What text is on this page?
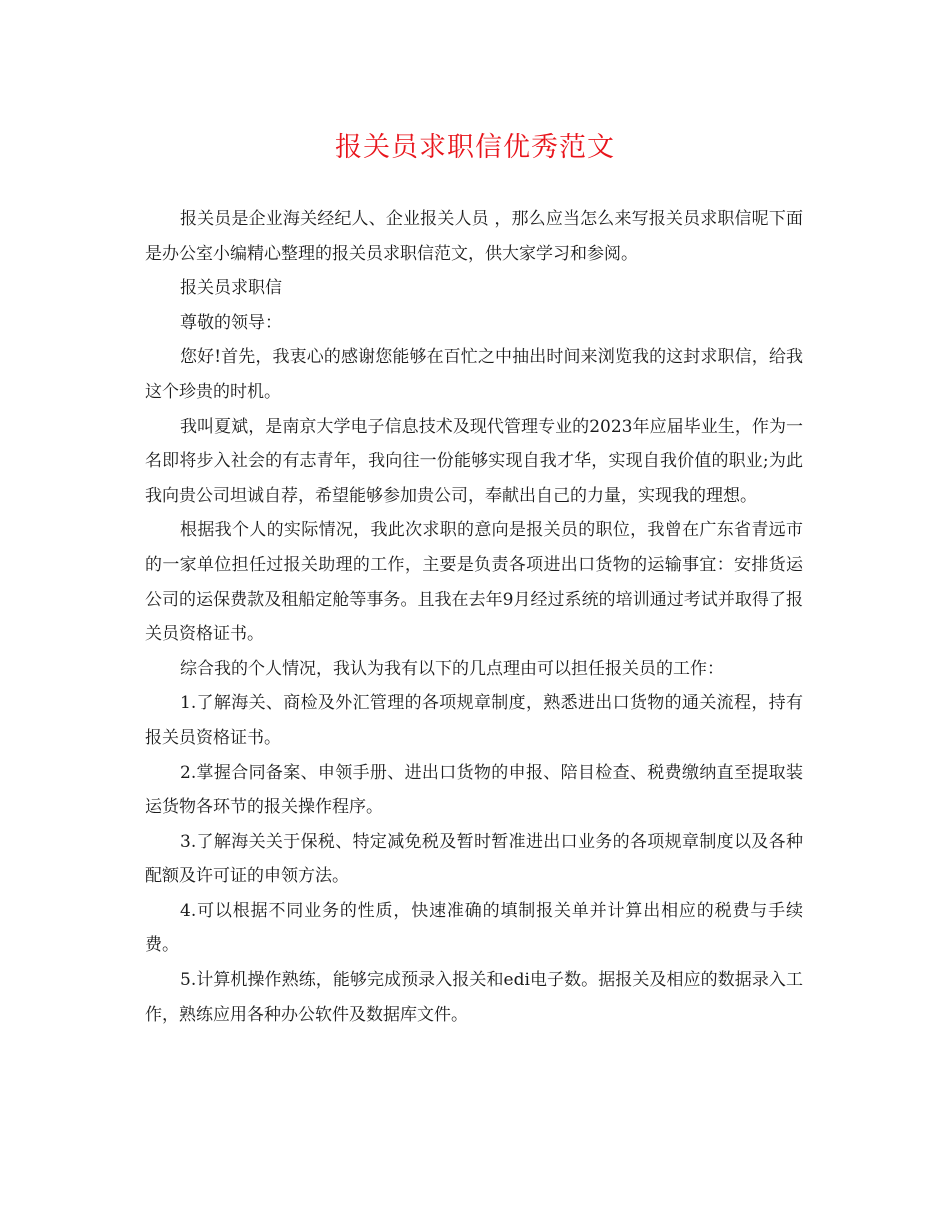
报关员求职信优秀范文

报关员是企业海关经纪人、企业报关人员 ，那么应当怎么来写报关员求职信呢下面是办公室小编精心整理的报关员求职信范文，供大家学习和参阅。

报关员求职信

尊敬的领导：

您好!首先，我衷心的感谢您能够在百忙之中抽出时间来浏览我的这封求职信，给我这个珍贵的时机。

我叫夏斌，是南京大学电子信息技术及现代管理专业的2023年应届毕业生，作为一名即将步入社会的有志青年，我向往一份能够实现自我才华，实现自我价值的职业;为此我向贵公司坦诚自荐，希望能够参加贵公司，奉献出自己的力量，实现我的理想。

根据我个人的实际情况，我此次求职的意向是报关员的职位，我曾在广东省青远市的一家单位担任过报关助理的工作，主要是负责各项进出口货物的运输事宜：安排货运公司的运保费款及租船定舱等事务。且我在去年9月经过系统的培训通过考试并取得了报关员资格证书。

综合我的个人情况，我认为我有以下的几点理由可以担任报关员的工作：

1.了解海关、商检及外汇管理的各项规章制度，熟悉进出口货物的通关流程，持有报关员资格证书。

2.掌握合同备案、申领手册、进出口货物的申报、陪目检查、税费缴纳直至提取装运货物各环节的报关操作程序。

3.了解海关关于保税、特定减免税及暂时暂准进出口业务的各项规章制度以及各种配额及许可证的申领方法。

4.可以根据不同业务的性质，快速准确的填制报关单并计算出相应的税费与手续费。

5.计算机操作熟练，能够完成预录入报关和edi电子数。据报关及相应的数据录入工作，熟练应用各种办公软件及数据库文件。
